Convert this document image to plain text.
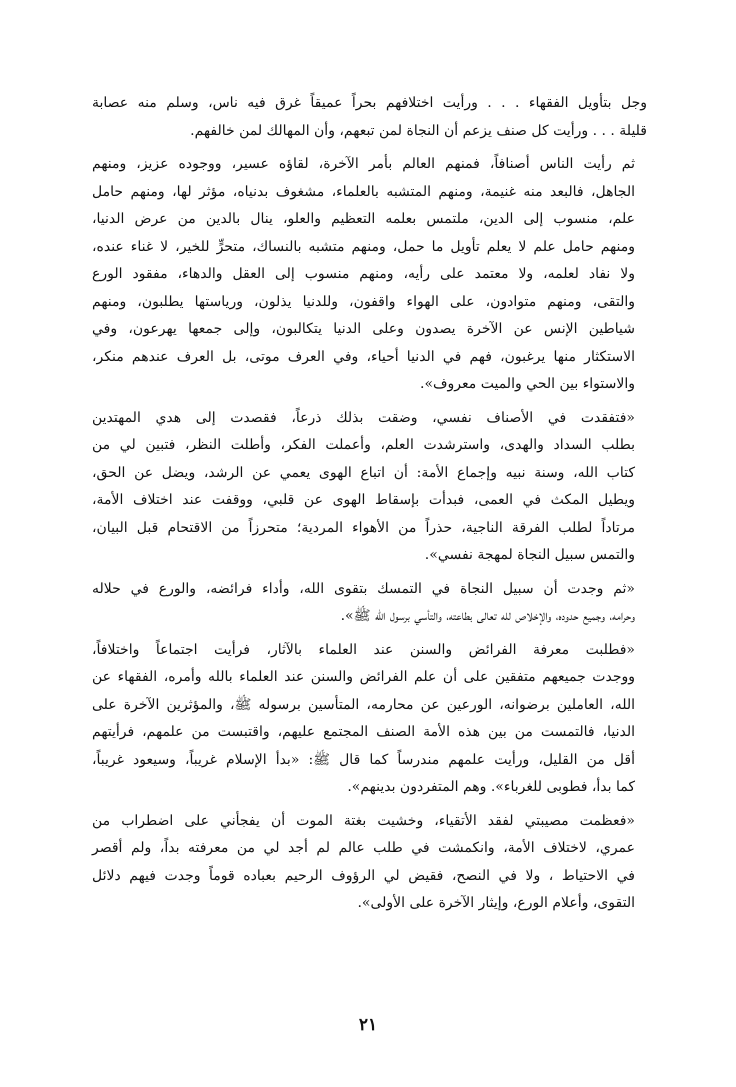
وجل بتأويل الفقهاء . . . ورأيت اختلافهم بحراً عميقاً غرق فيه ناس، وسلم منه عصابة
قليلة . . . ورأيت كل صنف يزعم أن النجاة لمن تبعهم، وأن المهالك لمن خالفهم.

ثم رأيت الناس أصنافاً، فمنهم العالم بأمر الآخرة، لقاؤه عسير، ووجوده عزيز، ومنهم
الجاهل، فالبعد منه غنيمة، ومنهم المتشبه بالعلماء، مشغوف بدنياه، مؤثر لها، ومنهم حامل
علم، منسوب إلى الدين، ملتمس بعلمه التعظيم والعلو، ينال بالدين من عرض الدنيا،
ومنهم حامل علم لا يعلم تأويل ما حمل، ومنهم متشبه بالنساك، متحرٍّ للخير، لا غناء عنده،
ولا نفاد لعلمه، ولا معتمد على رأيه، ومنهم منسوب إلى العقل والدهاء، مفقود الورع
والتقى، ومنهم متوادون، على الهواء واقفون، وللدنيا يذلون، ورياستها يطلبون، ومنهم
شياطين الإنس عن الآخرة يصدون وعلى الدنيا يتكالبون، وإلى جمعها يهرعون، وفي
الاستكثار منها يرغبون، فهم في الدنيا أحياء، وفي العرف موتى، بل العرف عندهم منكر،
والاستواء بين الحي والميت معروف».

«فتفقدت في الأصناف نفسي، وضقت بذلك ذرعاً، فقصدت إلى هدي المهتدين
بطلب السداد والهدى، واسترشدت العلم، وأعملت الفكر، وأطلت النظر، فتبين لي من
كتاب الله، وسنة نبيه وإجماع الأمة: أن اتباع الهوى يعمي عن الرشد، ويضل عن الحق،
ويطيل المكث في العمى، فبدأت بإسقاط الهوى عن قلبي، ووقفت عند اختلاف الأمة،
مرتاداً لطلب الفرقة الناجية، حذراً من الأهواء المردية؛ متحرزاً من الاقتحام قبل البيان،
والتمس سبيل النجاة لمهجة نفسي».

«ثم وجدت أن سبيل النجاة في التمسك بتقوى الله، وأداء فرائضه، والورع في حلاله
وحرامه، وجميع حدوده، والإخلاص لله تعالى بطاعته، والتأسي برسول الله ﷺ».

«فطلبت معرفة الفرائض والسنن عند العلماء بالآثار، فرأيت اجتماعاً واختلافاً،
ووجدت جميعهم متفقين على أن علم الفرائض والسنن عند العلماء بالله وأمره، الفقهاء عن
الله، العاملين برضوانه، الورعين عن محارمه، المتأسين برسوله ﷺ، والمؤثرين الآخرة على
الدنيا، فالتمست من بين هذه الأمة الصنف المجتمع عليهم، واقتبست من علمهم، فرأيتهم
أقل من القليل، ورأيت علمهم مندرساً كما قال ﷺ: «بدأ الإسلام غريباً، وسيعود غريباً،
كما بدأ، فطوبى للغرباء». وهم المتفردون بدينهم».

«فعظمت مصيبتي لفقد الأتقياء، وخشيت بغتة الموت أن يفجأني على اضطراب من
عمري، لاختلاف الأمة، وانكمشت في طلب عالم لم أجد لي من معرفته بداً، ولم أقصر
في الاحتياط ، ولا في النصح، فقيض لي الرؤوف الرحيم بعباده قوماً وجدت فيهم دلائل
التقوى، وأعلام الورع، وإيثار الآخرة على الأولى».

٢١
